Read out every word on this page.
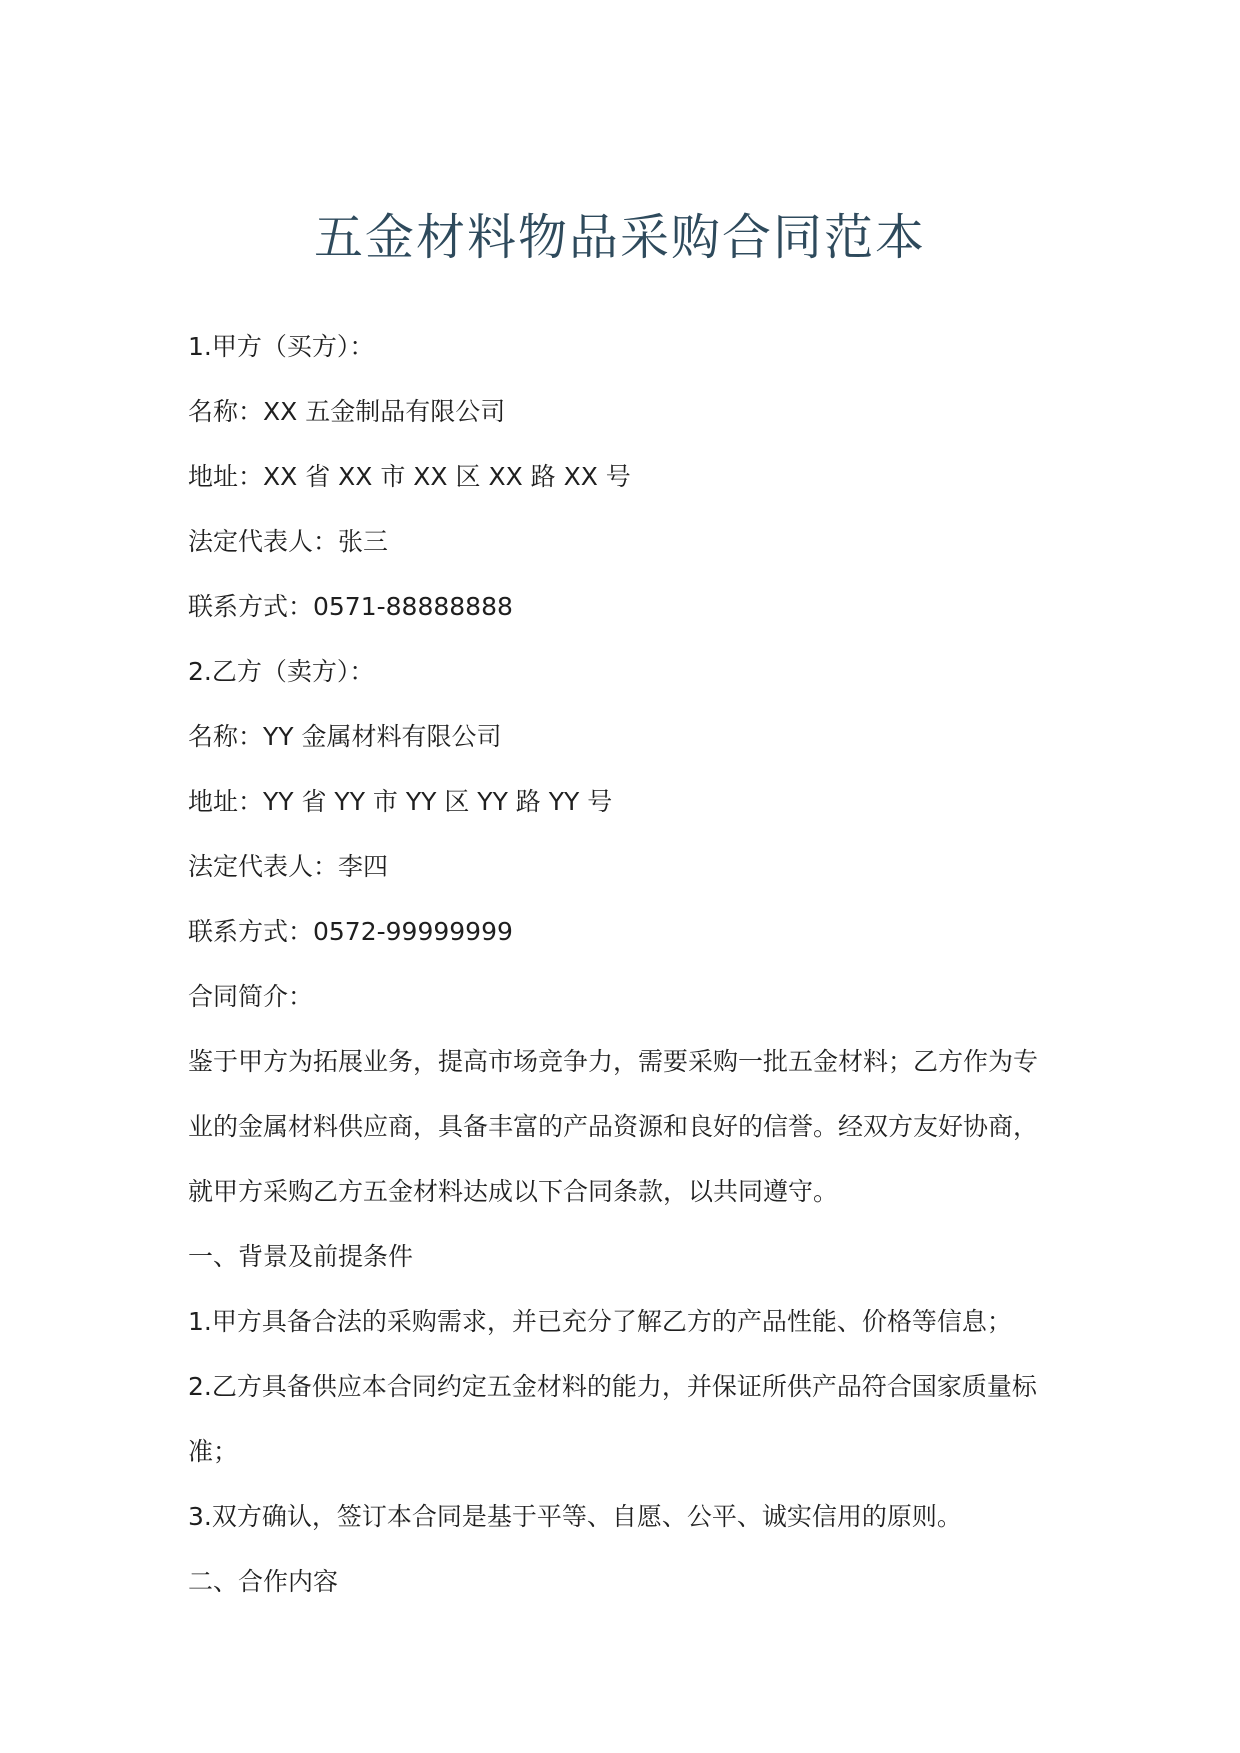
五金材料物品采购合同范本

1.甲方（买方）：

名称：XX 五金制品有限公司

地址：XX 省 XX 市 XX 区 XX 路 XX 号

法定代表人：张三

联系方式：0571-88888888

2.乙方（卖方）：

名称：YY 金属材料有限公司

地址：YY 省 YY 市 YY 区 YY 路 YY 号

法定代表人：李四

联系方式：0572-99999999

合同简介：

鉴于甲方为拓展业务，提高市场竞争力，需要采购一批五金材料；乙方作为专

业的金属材料供应商，具备丰富的产品资源和良好的信誉。经双方友好协商，

就甲方采购乙方五金材料达成以下合同条款，以共同遵守。

一、背景及前提条件

1.甲方具备合法的采购需求，并已充分了解乙方的产品性能、价格等信息；

2.乙方具备供应本合同约定五金材料的能力，并保证所供产品符合国家质量标

准；

3.双方确认，签订本合同是基于平等、自愿、公平、诚实信用的原则。

二、合作内容
